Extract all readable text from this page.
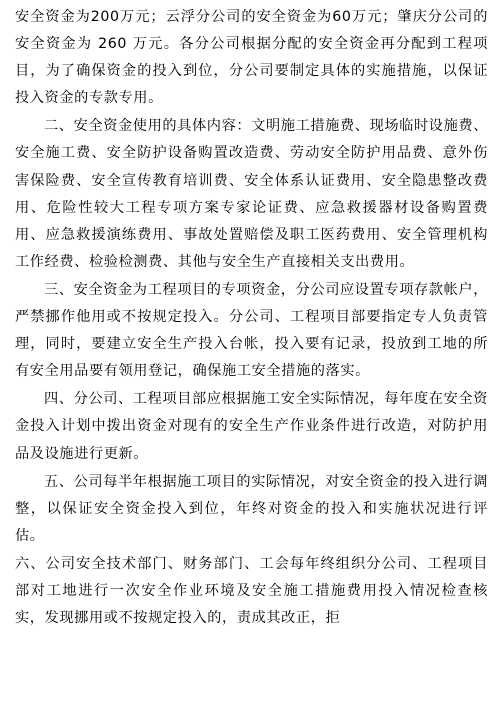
安全资金为200万元；云浮分公司的安全资金为60万元；肇庆分公司的安全资金为 260 万元。各分公司根据分配的安全资金再分配到工程项目，为了确保资金的投入到位，分公司要制定具体的实施措施，以保证投入资金的专款专用。

二、安全资金使用的具体内容：文明施工措施费、现场临时设施费、安全施工费、安全防护设备购置改造费、劳动安全防护用品费、意外伤害保险费、安全宣传教育培训费、安全体系认证费用、安全隐患整改费用、危险性较大工程专项方案专家论证费、应急救援器材设备购置费用、应急救援演练费用、事故处置赔偿及职工医药费用、安全管理机构工作经费、检验检测费、其他与安全生产直接相关支出费用。

三、安全资金为工程项目的专项资金，分公司应设置专项存款帐户，严禁挪作他用或不按规定投入。分公司、工程项目部要指定专人负责管理，同时，要建立安全生产投入台帐，投入要有记录，投放到工地的所有安全用品要有领用登记，确保施工安全措施的落实。

四、分公司、工程项目部应根据施工安全实际情况，每年度在安全资金投入计划中拨出资金对现有的安全生产作业条件进行改造，对防护用品及设施进行更新。

五、公司每半年根据施工项目的实际情况，对安全资金的投入进行调整，以保证安全资金投入到位，年终对资金的投入和实施状况进行评估。

六、公司安全技术部门、财务部门、工会每年终组织分公司、工程项目部对工地进行一次安全作业环境及安全施工措施费用投入情况检查核实，发现挪用或不按规定投入的，责成其改正，拒
